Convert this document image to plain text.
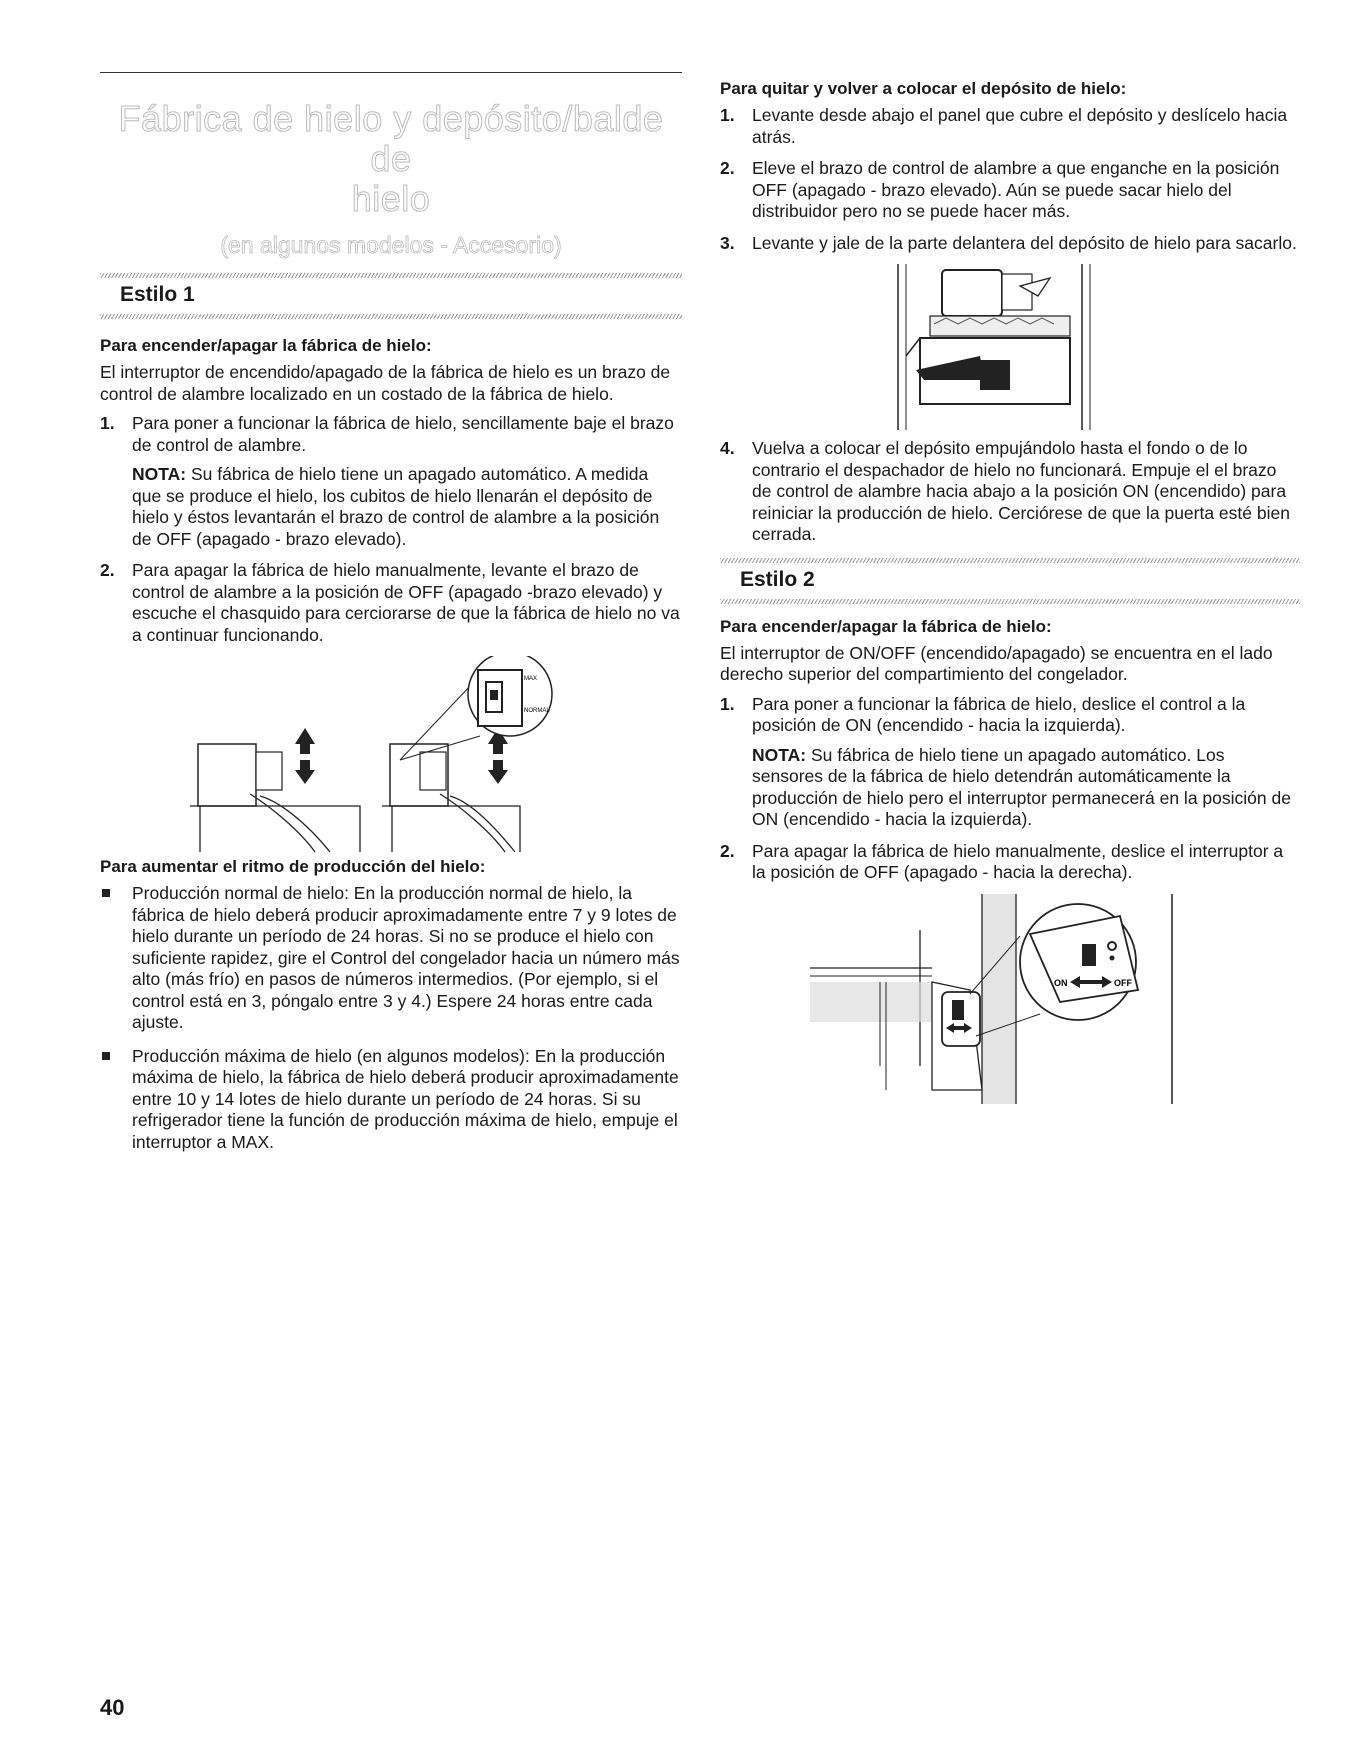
Fábrica de hielo y depósito/balde de
hielo
(en algunos modelos - Accesorio)
Estilo 1
Para encender/apagar la fábrica de hielo:

El interruptor de encendido/apagado de la fábrica de hielo es un brazo de control de alambre localizado en un costado de la fábrica de hielo.

1. Para poner a funcionar la fábrica de hielo, sencillamente baje el brazo de control de alambre.

NOTA: Su fábrica de hielo tiene un apagado automático. A medida que se produce el hielo, los cubitos de hielo llenarán el depósito de hielo y éstos levantarán el brazo de control de alambre a la posición de OFF (apagado - brazo elevado).

2. Para apagar la fábrica de hielo manualmente, levante el brazo de control de alambre a la posición de OFF (apagado -brazo elevado) y escuche el chasquido para cerciorarse de que la fábrica de hielo no va a continuar funcionando.

MAX
NORMAL
Para aumentar el ritmo de producción del hielo:

Producción normal de hielo: En la producción normal de hielo, la fábrica de hielo deberá producir aproximadamente entre 7 y 9 lotes de hielo durante un período de 24 horas. Si no se produce el hielo con suficiente rapidez, gire el Control del congelador hacia un número más alto (más frío) en pasos de números intermedios. (Por ejemplo, si el control está en 3, póngalo entre 3 y 4.) Espere 24 horas entre cada ajuste.

Producción máxima de hielo (en algunos modelos): En la producción máxima de hielo, la fábrica de hielo deberá producir aproximadamente entre 10 y 14 lotes de hielo durante un período de 24 horas. Si su refrigerador tiene la función de producción máxima de hielo, empuje el interruptor a MAX.

Para quitar y volver a colocar el depósito de hielo:
1. Levante desde abajo el panel que cubre el depósito y deslícelo hacia atrás.

2. Eleve el brazo de control de alambre a que enganche en la posición OFF (apagado - brazo elevado). Aún se puede sacar hielo del distribuidor pero no se puede hacer más.

3. Levante y jale de la parte delantera del depósito de hielo para sacarlo.

4. Vuelva a colocar el depósito empujándolo hasta el fondo o de lo contrario el despachador de hielo no funcionará. Empuje el el brazo de control de alambre hacia abajo a la posición ON (encendido) para reiniciar la producción de hielo. Cerciórese de que la puerta esté bien cerrada.

Estilo 2
Para encender/apagar la fábrica de hielo:

El interruptor de ON/OFF (encendido/apagado) se encuentra en el lado derecho superior del compartimiento del congelador.

1. Para poner a funcionar la fábrica de hielo, deslice el control a la posición de ON (encendido - hacia la izquierda).

NOTA: Su fábrica de hielo tiene un apagado automático. Los sensores de la fábrica de hielo detendrán automáticamente la producción de hielo pero el interruptor permanecerá en la posición de ON (encendido - hacia la izquierda).

2. Para apagar la fábrica de hielo manualmente, deslice el interruptor a la posición de OFF (apagado - hacia la derecha).

ON	OFF
40
